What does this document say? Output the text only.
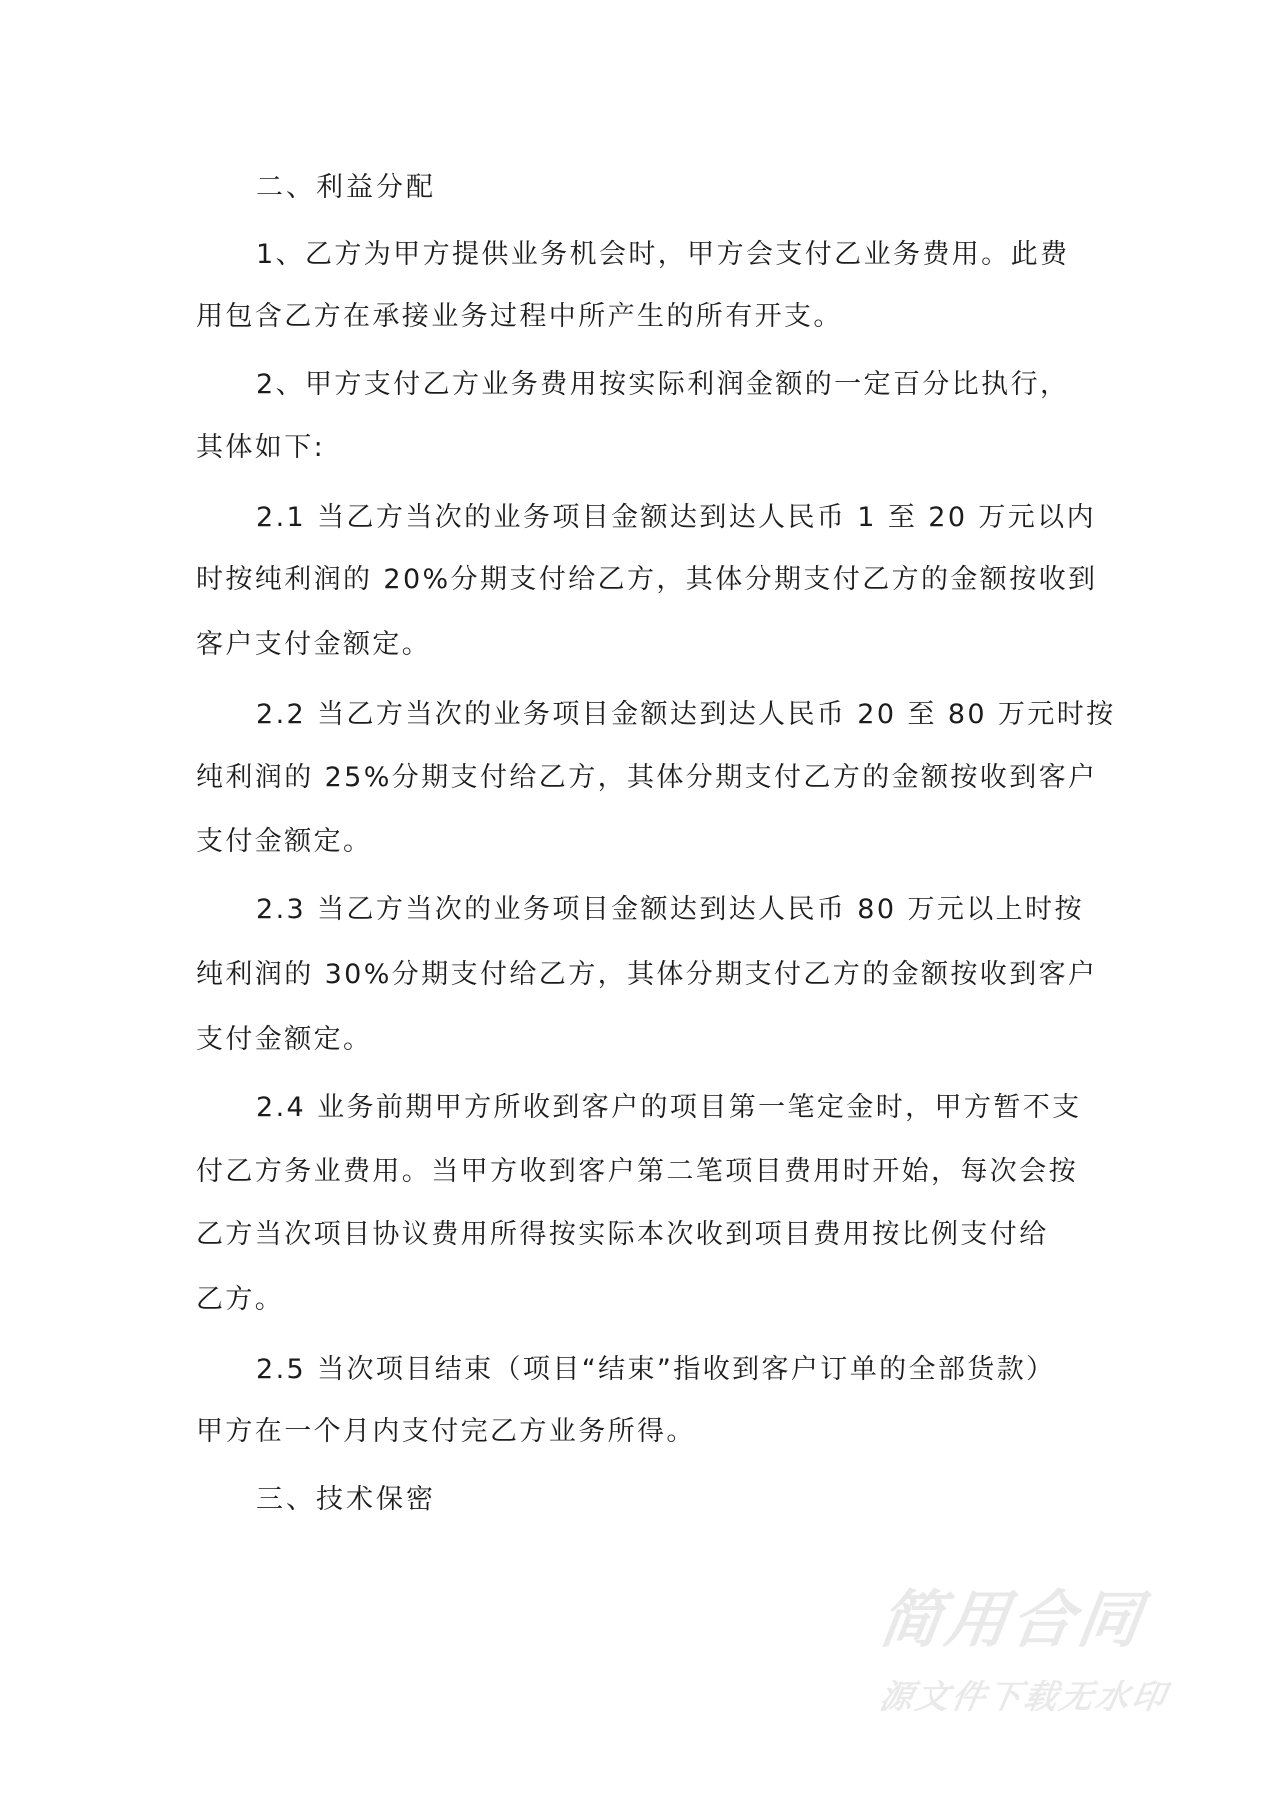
二、利益分配
1、乙方为甲方提供业务机会时，甲方会支付乙业务费用。此费
用包含乙方在承接业务过程中所产生的所有开支。
2、甲方支付乙方业务费用按实际利润金额的一定百分比执行，
其体如下:
2.1 当乙方当次的业务项目金额达到达人民币 1 至 20 万元以内
时按纯利润的 20%分期支付给乙方，其体分期支付乙方的金额按收到
客户支付金额定。
2.2 当乙方当次的业务项目金额达到达人民币 20 至 80 万元时按
纯利润的 25%分期支付给乙方，其体分期支付乙方的金额按收到客户
支付金额定。
2.3 当乙方当次的业务项目金额达到达人民币 80 万元以上时按
纯利润的 30%分期支付给乙方，其体分期支付乙方的金额按收到客户
支付金额定。
2.4 业务前期甲方所收到客户的项目第一笔定金时，甲方暂不支
付乙方务业费用。当甲方收到客户第二笔项目费用时开始，每次会按
乙方当次项目协议费用所得按实际本次收到项目费用按比例支付给
乙方。
2.5 当次项目结束（项目“结束”指收到客户订单的全部货款）
甲方在一个月内支付完乙方业务所得。
三、技术保密
简用合同
源文件下载无水印
